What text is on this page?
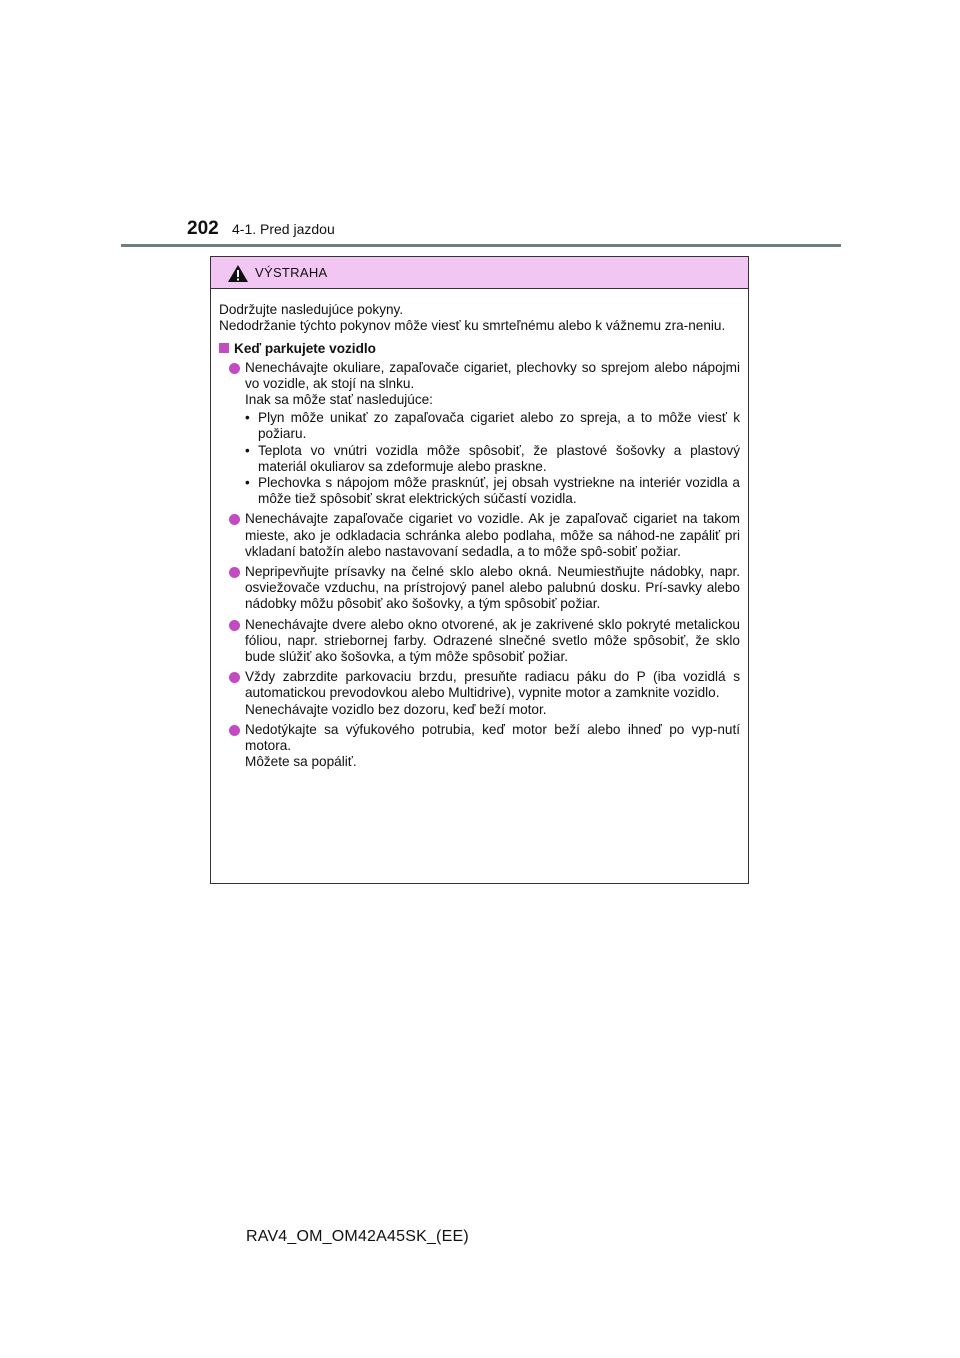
202 4-1. Pred jazdou
VÝSTRAHA

Dodržujte nasledujúce pokyny.

Nedodržanie týchto pokynov môže viesť ku smrteľnému alebo k vážnemu zra-neniu.

Keď parkujete vozidlo
Nenechávajte okuliare, zapaľovače cigariet, plechovky so sprejom alebo nápojmi vo vozidle, ak stojí na slnku.
Inak sa môže stať nasledujúce:
• Plyn môže unikať zo zapaľovača cigariet alebo zo spreja, a to môže viesť k požiaru.
• Teplota vo vnútri vozidla môže spôsobiť, že plastové šošovky a plastový materiál okuliarov sa zdeformuje alebo praskne.
• Plechovka s nápojom môže prasknúť, jej obsah vystriekne na interiér vozidla a môže tiež spôsobiť skrat elektrických súčastí vozidla.
Nenechávajte zapaľovače cigariet vo vozidle. Ak je zapaľovač cigariet na takom mieste, ako je odkladacia schránka alebo podlaha, môže sa náhod-ne zapáliť pri vkladaní batožín alebo nastavovaní sedadla, a to môže spô-sobiť požiar.
Nepripevňujte prísavky na čelné sklo alebo okná. Neumiestňujte nádobky, napr. osviežovače vzduchu, na prístrojový panel alebo palubnú dosku. Prí-savky alebo nádobky môžu pôsobiť ako šošovky, a tým spôsobiť požiar.
Nenechávajte dvere alebo okno otvorené, ak je zakrivené sklo pokryté metalickou fóliou, napr. striebornej farby. Odrazené slnečné svetlo môže spôsobiť, že sklo bude slúžiť ako šošovka, a tým môže spôsobiť požiar.
Vždy zabrzdite parkovaciu brzdu, presuňte radiacu páku do P (iba vozidlá s automatickou prevodovkou alebo Multidrive), vypnite motor a zamknite vozidlo.
Nenechávajte vozidlo bez dozoru, keď beží motor.
Nedotýkajte sa výfukového potrubia, keď motor beží alebo ihneď po vyp-nutí motora.
Môžete sa popáliť.
RAV4_OM_OM42A45SK_(EE)
